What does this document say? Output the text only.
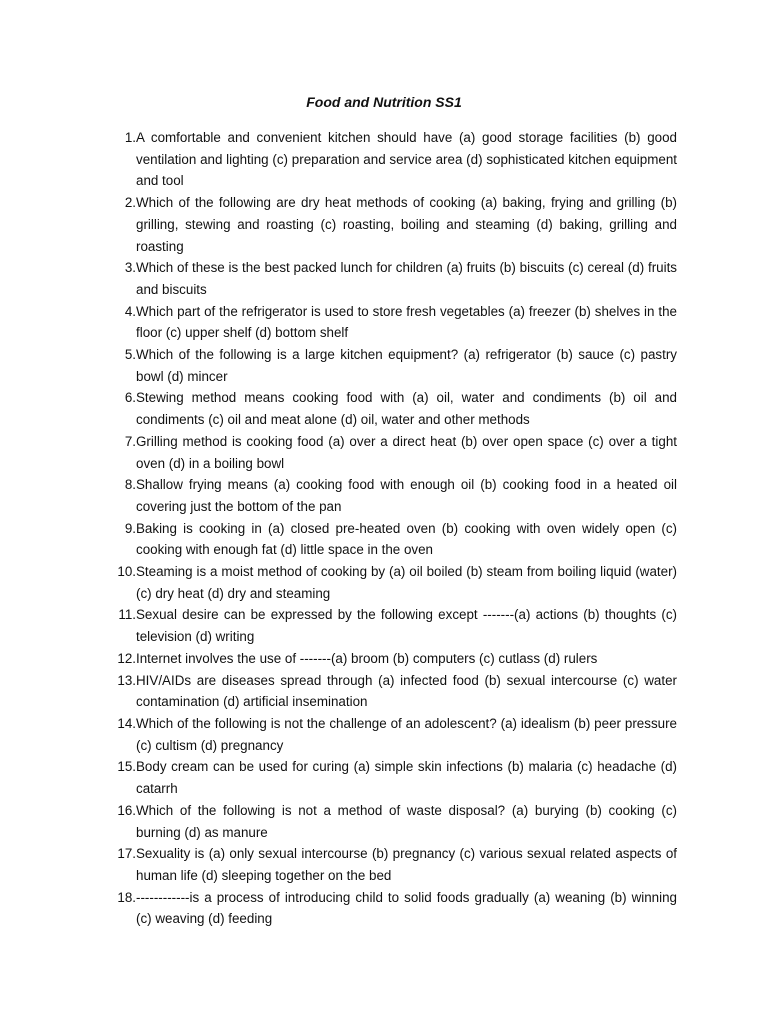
Food and Nutrition SS1
1. A comfortable and convenient kitchen should have (a) good storage facilities (b) good ventilation and lighting (c) preparation and service area (d) sophisticated kitchen equipment and tool
2. Which of the following are dry heat methods of cooking (a) baking, frying and grilling (b) grilling, stewing and roasting (c) roasting, boiling and steaming (d) baking, grilling and roasting
3. Which of these is the best packed lunch for children (a) fruits (b) biscuits (c) cereal (d) fruits and biscuits
4. Which part of the refrigerator is used to store fresh vegetables (a) freezer (b) shelves in the floor (c) upper shelf (d) bottom shelf
5. Which of the following is a large kitchen equipment? (a) refrigerator (b) sauce (c) pastry bowl (d) mincer
6. Stewing method means cooking food with (a) oil, water and condiments (b) oil and condiments (c) oil and meat alone (d) oil, water and other methods
7. Grilling method is cooking food (a) over a direct heat (b) over open space (c) over a tight oven (d) in a boiling bowl
8. Shallow frying means (a) cooking food with enough oil (b) cooking food in a heated oil covering just the bottom of the pan
9. Baking is cooking in (a) closed pre-heated oven (b) cooking with oven widely open (c) cooking with enough fat (d) little space in the oven
10. Steaming is a moist method of cooking by (a) oil boiled (b) steam from boiling liquid (water) (c) dry heat (d) dry and steaming
11. Sexual desire can be expressed by the following except -------(a) actions (b) thoughts (c) television (d) writing
12. Internet involves the use of -------(a) broom (b) computers (c) cutlass (d) rulers
13. HIV/AIDs are diseases spread through (a) infected food (b) sexual intercourse (c) water contamination (d) artificial insemination
14. Which of the following is not the challenge of an adolescent? (a) idealism (b) peer pressure (c) cultism (d) pregnancy
15. Body cream can be used for curing (a) simple skin infections (b) malaria (c) headache (d) catarrh
16. Which of the following is not a method of waste disposal? (a) burying (b) cooking (c) burning (d) as manure
17. Sexuality is (a) only sexual intercourse (b) pregnancy (c) various sexual related aspects of human life (d) sleeping together on the bed
18. ------------is a process of introducing child to solid foods gradually (a) weaning (b) winning (c) weaving (d) feeding
